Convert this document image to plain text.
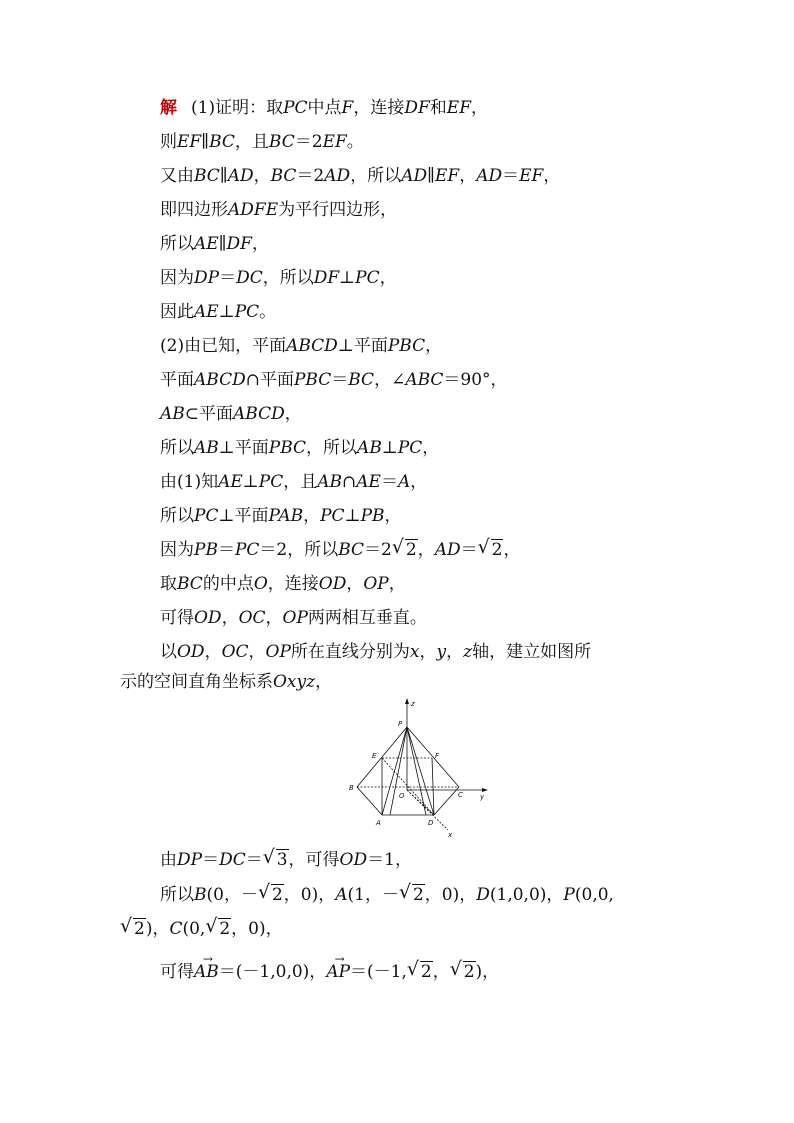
解 (1)证明：取PC中点F，连接DF和EF，
则EF∥BC，且BC＝2EF。
又由BC∥AD，BC＝2AD，所以AD∥EF，AD＝EF，
即四边形ADFE为平行四边形，
所以AE∥DF，
因为DP＝DC，所以DF⊥PC，
因此AE⊥PC。
(2)由已知，平面ABCD⊥平面PBC，
平面ABCD∩平面PBC＝BC，∠ABC＝90°，
AB⊂平面ABCD，
所以AB⊥平面PBC，所以AB⊥PC，
由(1)知AE⊥PC，且AB∩AE＝A，
所以PC⊥平面PAB，PC⊥PB，
因为PB＝PC＝2，所以BC＝2 √ 2，AD＝ √ 2，
取BC的中点O，连接OD，OP，
可得OD，OC，OP两两相互垂直。
以OD，OC，OP所在直线分别为x，y，z轴，建立如图所
示的空间直角坐标系Oxyz，
z
P
E	F
B
O	C y
A	D
x
由DP＝DC＝ √ 3，可得OD＝1，
所以B(0，－ √ 2，0)，A(1，－ √ 2，0)，D(1,0,0)，P(0,0,
√ 2)，C(0, √ 2，0)，
可得→ AB＝(－1,0,0)，→ AP＝(－1, √ 2， √ 2)，
